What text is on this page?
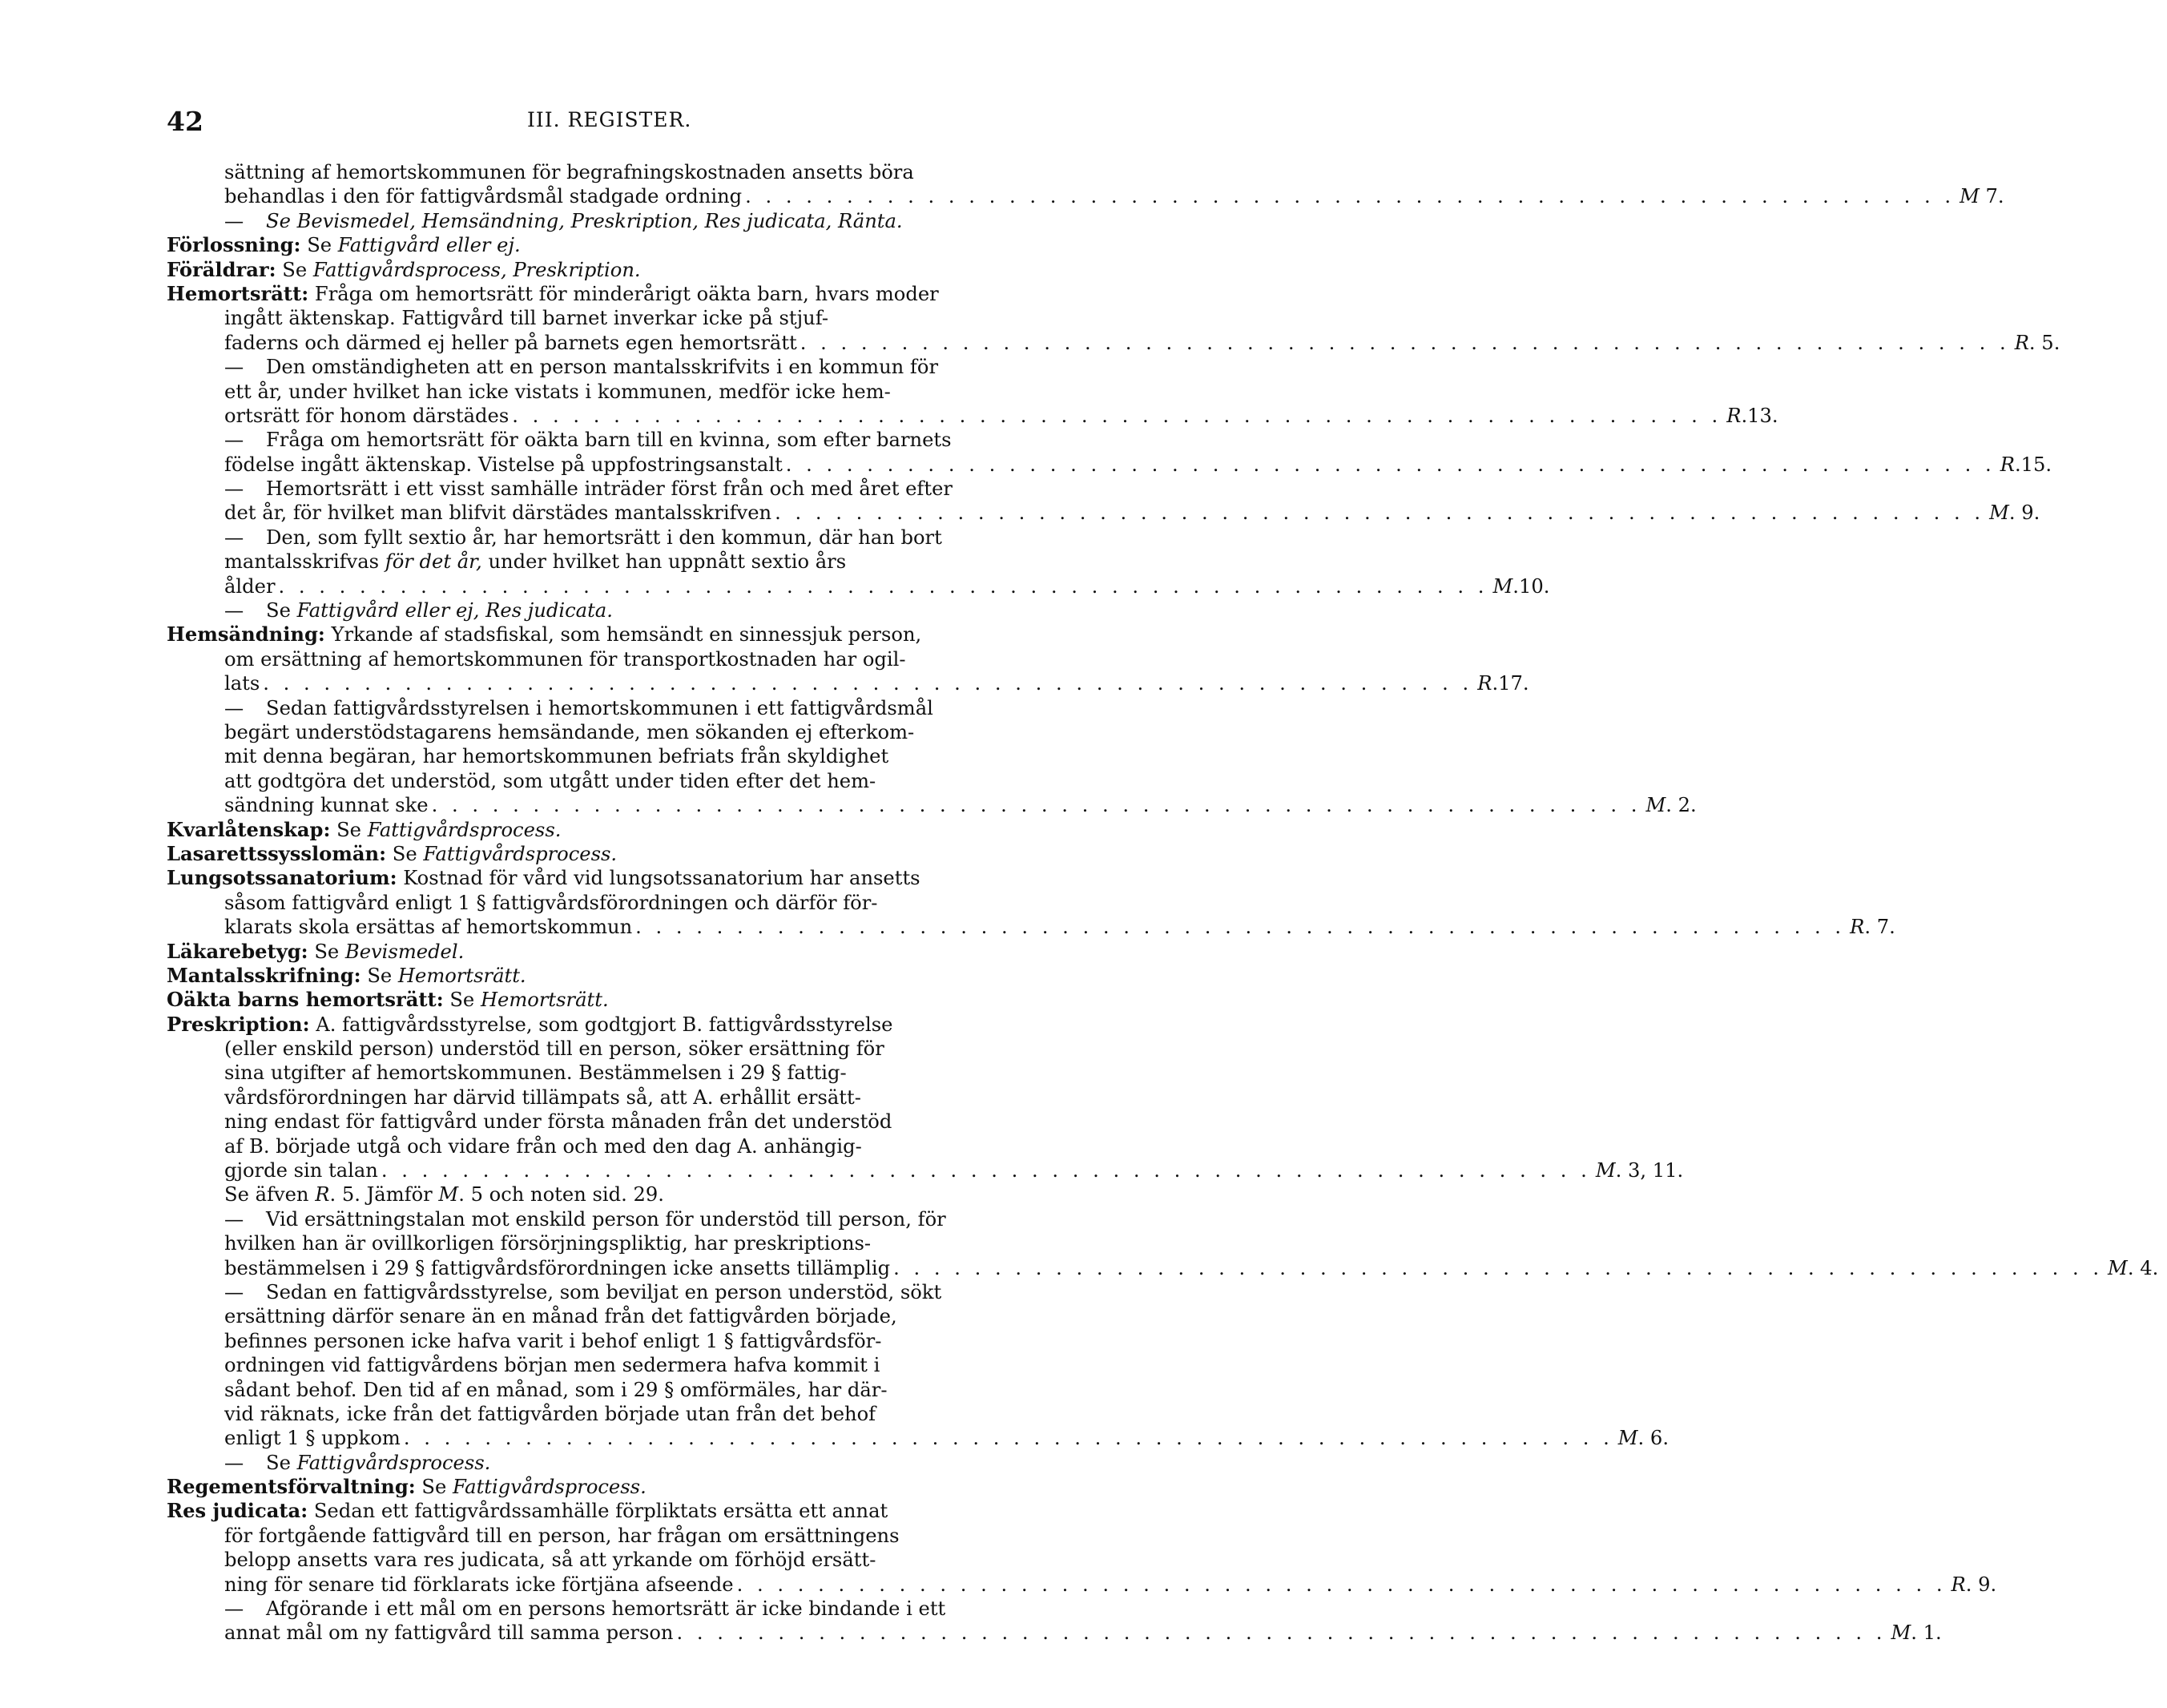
42	III. REGISTER.
sättning af hemortskommunen för begrafningskostnaden ansetts böra
behandlas i den för fattigvårdsmål stadgade ordning . . . . . . . . . . . . . . . . . . . . . . . . . . . . . . . . . . . . . . . . . . . . . . . . . . . . . . . . . . . . M 7.
— Se Bevismedel, Hemsändning, Preskription, Res judicata, Ränta.
Förlossning: Se Fattigvård eller ej.
Föräldrar: Se Fattigvårdsprocess, Preskription.
Hemortsrätt: Fråga om hemortsrätt för minderårigt oäkta barn, hvars moder
ingått äktenskap. Fattigvård till barnet inverkar icke på stjuf-
faderns och därmed ej heller på barnets egen hemortsrätt . . . . . . . . . . . . . . . . . . . . . . . . . . . . . . . . . . . . . . . . . . . . . . . . . . . . . . . . . . . . R. 5.
— Den omständigheten att en person mantalsskrifvits i en kommun för
ett år, under hvilket han icke vistats i kommunen, medför icke hem-
ortsrätt för honom därstädes . . . . . . . . . . . . . . . . . . . . . . . . . . . . . . . . . . . . . . . . . . . . . . . . . . . . . . . . . . . . R.13.
— Fråga om hemortsrätt för oäkta barn till en kvinna, som efter barnets
födelse ingått äktenskap. Vistelse på uppfostringsanstalt . . . . . . . . . . . . . . . . . . . . . . . . . . . . . . . . . . . . . . . . . . . . . . . . . . . . . . . . . . . . R.15.
— Hemortsrätt i ett visst samhälle inträder först från och med året efter
det år, för hvilket man blifvit därstädes mantalsskrifven . . . . . . . . . . . . . . . . . . . . . . . . . . . . . . . . . . . . . . . . . . . . . . . . . . . . . . . . . . . . M. 9.
— Den, som fyllt sextio år, har hemortsrätt i den kommun, där han bort
mantalsskrifvas för det år, under hvilket han uppnått sextio års
ålder . . . . . . . . . . . . . . . . . . . . . . . . . . . . . . . . . . . . . . . . . . . . . . . . . . . . . . . . . . . . M.10.
— Se Fattigvård eller ej, Res judicata.
Hemsändning: Yrkande af stadsfiskal, som hemsändt en sinnessjuk person,
om ersättning af hemortskommunen för transportkostnaden har ogil-
lats . . . . . . . . . . . . . . . . . . . . . . . . . . . . . . . . . . . . . . . . . . . . . . . . . . . . . . . . . . . . R.17.
— Sedan fattigvårdsstyrelsen i hemortskommunen i ett fattigvårdsmål
begärt understödstagarens hemsändande, men sökanden ej efterkom-
mit denna begäran, har hemortskommunen befriats från skyldighet
att godtgöra det understöd, som utgått under tiden efter det hem-
sändning kunnat ske . . . . . . . . . . . . . . . . . . . . . . . . . . . . . . . . . . . . . . . . . . . . . . . . . . . . . . . . . . . . M. 2.
Kvarlåtenskap: Se Fattigvårdsprocess.
Lasarettssysslomän: Se Fattigvårdsprocess.
Lungsotssanatorium: Kostnad för vård vid lungsotssanatorium har ansetts
såsom fattigvård enligt 1 § fattigvårdsförordningen och därför för-
klarats skola ersättas af hemortskommun . . . . . . . . . . . . . . . . . . . . . . . . . . . . . . . . . . . . . . . . . . . . . . . . . . . . . . . . . . . . R. 7.
Läkarebetyg: Se Bevismedel.
Mantalsskrifning: Se Hemortsrätt.
Oäkta barns hemortsrätt: Se Hemortsrätt.
Preskription: A. fattigvårdsstyrelse, som godtgjort B. fattigvårdsstyrelse
(eller enskild person) understöd till en person, söker ersättning för
sina utgifter af hemortskommunen. Bestämmelsen i 29 § fattig-
vårdsförordningen har därvid tillämpats så, att A. erhållit ersätt-
ning endast för fattigvård under första månaden från det understöd
af B. började utgå och vidare från och med den dag A. anhängig-
gjorde sin talan . . . . . . . . . . . . . . . . . . . . . . . . . . . . . . . . . . . . . . . . . . . . . . . . . . . . . . . . . . . . M. 3, 11.
Se äfven R. 5. Jämför M. 5 och noten sid. 29.
— Vid ersättningstalan mot enskild person för understöd till person, för
hvilken han är ovillkorligen försörjningspliktig, har preskriptions-
bestämmelsen i 29 § fattigvårdsförordningen icke ansetts tillämplig . . . . . . . . . . . . . . . . . . . . . . . . . . . . . . . . . . . . . . . . . . . . . . . . . . . . . . . . . . . . M. 4.
— Sedan en fattigvårdsstyrelse, som beviljat en person understöd, sökt
ersättning därför senare än en månad från det fattigvården började,
befinnes personen icke hafva varit i behof enligt 1 § fattigvårdsför-
ordningen vid fattigvårdens början men sedermera hafva kommit i
sådant behof. Den tid af en månad, som i 29 § omförmäles, har där-
vid räknats, icke från det fattigvården började utan från det behof
enligt 1 § uppkom . . . . . . . . . . . . . . . . . . . . . . . . . . . . . . . . . . . . . . . . . . . . . . . . . . . . . . . . . . . . M. 6.
— Se Fattigvårdsprocess.
Regementsförvaltning: Se Fattigvårdsprocess.
Res judicata: Sedan ett fattigvårdssamhälle förpliktats ersätta ett annat
för fortgående fattigvård till en person, har frågan om ersättningens
belopp ansetts vara res judicata, så att yrkande om förhöjd ersätt-
ning för senare tid förklarats icke förtjäna afseende . . . . . . . . . . . . . . . . . . . . . . . . . . . . . . . . . . . . . . . . . . . . . . . . . . . . . . . . . . . . R. 9.
— Afgörande i ett mål om en persons hemortsrätt är icke bindande i ett
annat mål om ny fattigvård till samma person . . . . . . . . . . . . . . . . . . . . . . . . . . . . . . . . . . . . . . . . . . . . . . . . . . . . . . . . . . . . M. 1.
